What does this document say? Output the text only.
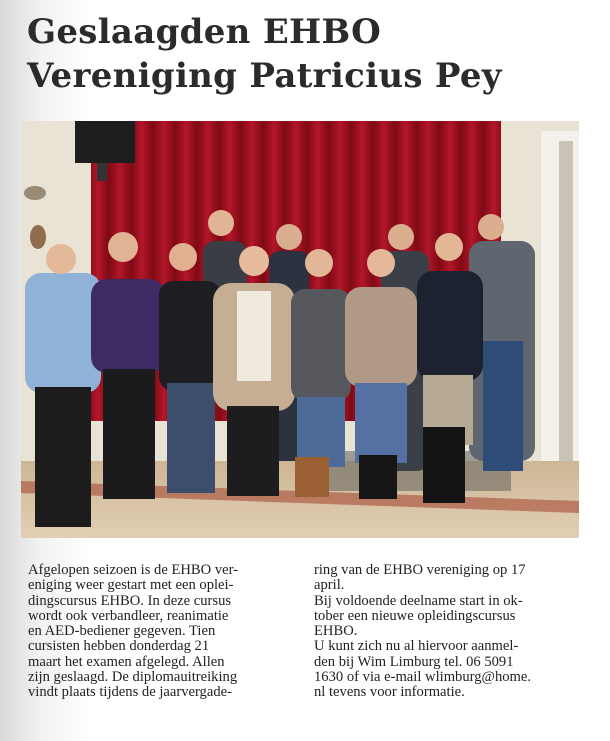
Geslaagden EHBO
Vereniging Patricius Pey

Afgelopen seizoen is de EHBO ver-

eniging weer gestart met een oplei-

dingscursus EHBO. In deze cursus

wordt ook verbandleer, reanimatie

en AED-bediener gegeven. Tien

cursisten hebben donderdag 21

maart het examen afgelegd. Allen

zijn geslaagd. De diplomauitreiking

vindt plaats tijdens de jaarvergade-

ring van de EHBO vereniging op 17

april.

Bij voldoende deelname start in ok-

tober een nieuwe opleidingscursus

EHBO.

U kunt zich nu al hiervoor aanmel-

den bij Wim Limburg tel. 06 5091

1630 of via e-mail wlimburg@home.

nl tevens voor informatie.
